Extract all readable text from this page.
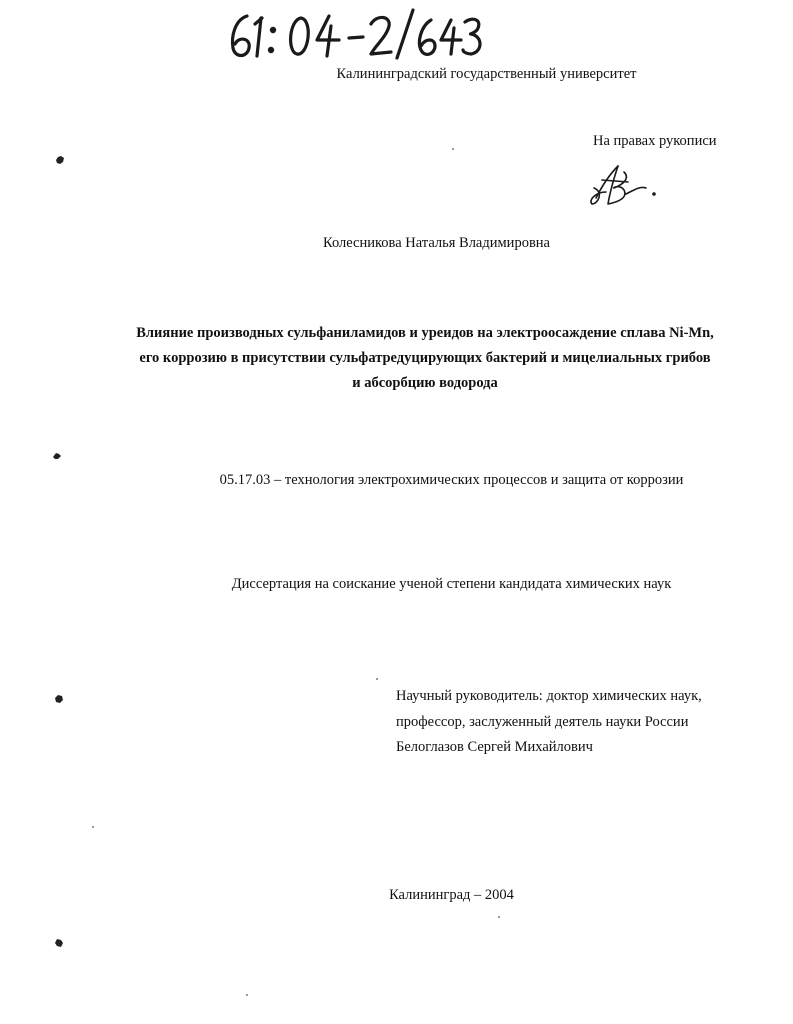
Калининградский государственный университет
На правах рукописи
Колесникова Наталья Владимировна
Влияние производных сульфаниламидов и уреидов на электроосаждение сплава Ni-Mn,
его коррозию в присутствии сульфатредуцирующих бактерий и мицелиальных грибов
и абсорбцию водорода
05.17.03 – технология электрохимических процессов и защита от коррозии
Диссертация на соискание ученой степени кандидата химических наук
Научный руководитель: доктор химических наук,
профессор, заслуженный деятель науки России
Белоглазов Сергей Михайлович
Калининград – 2004
